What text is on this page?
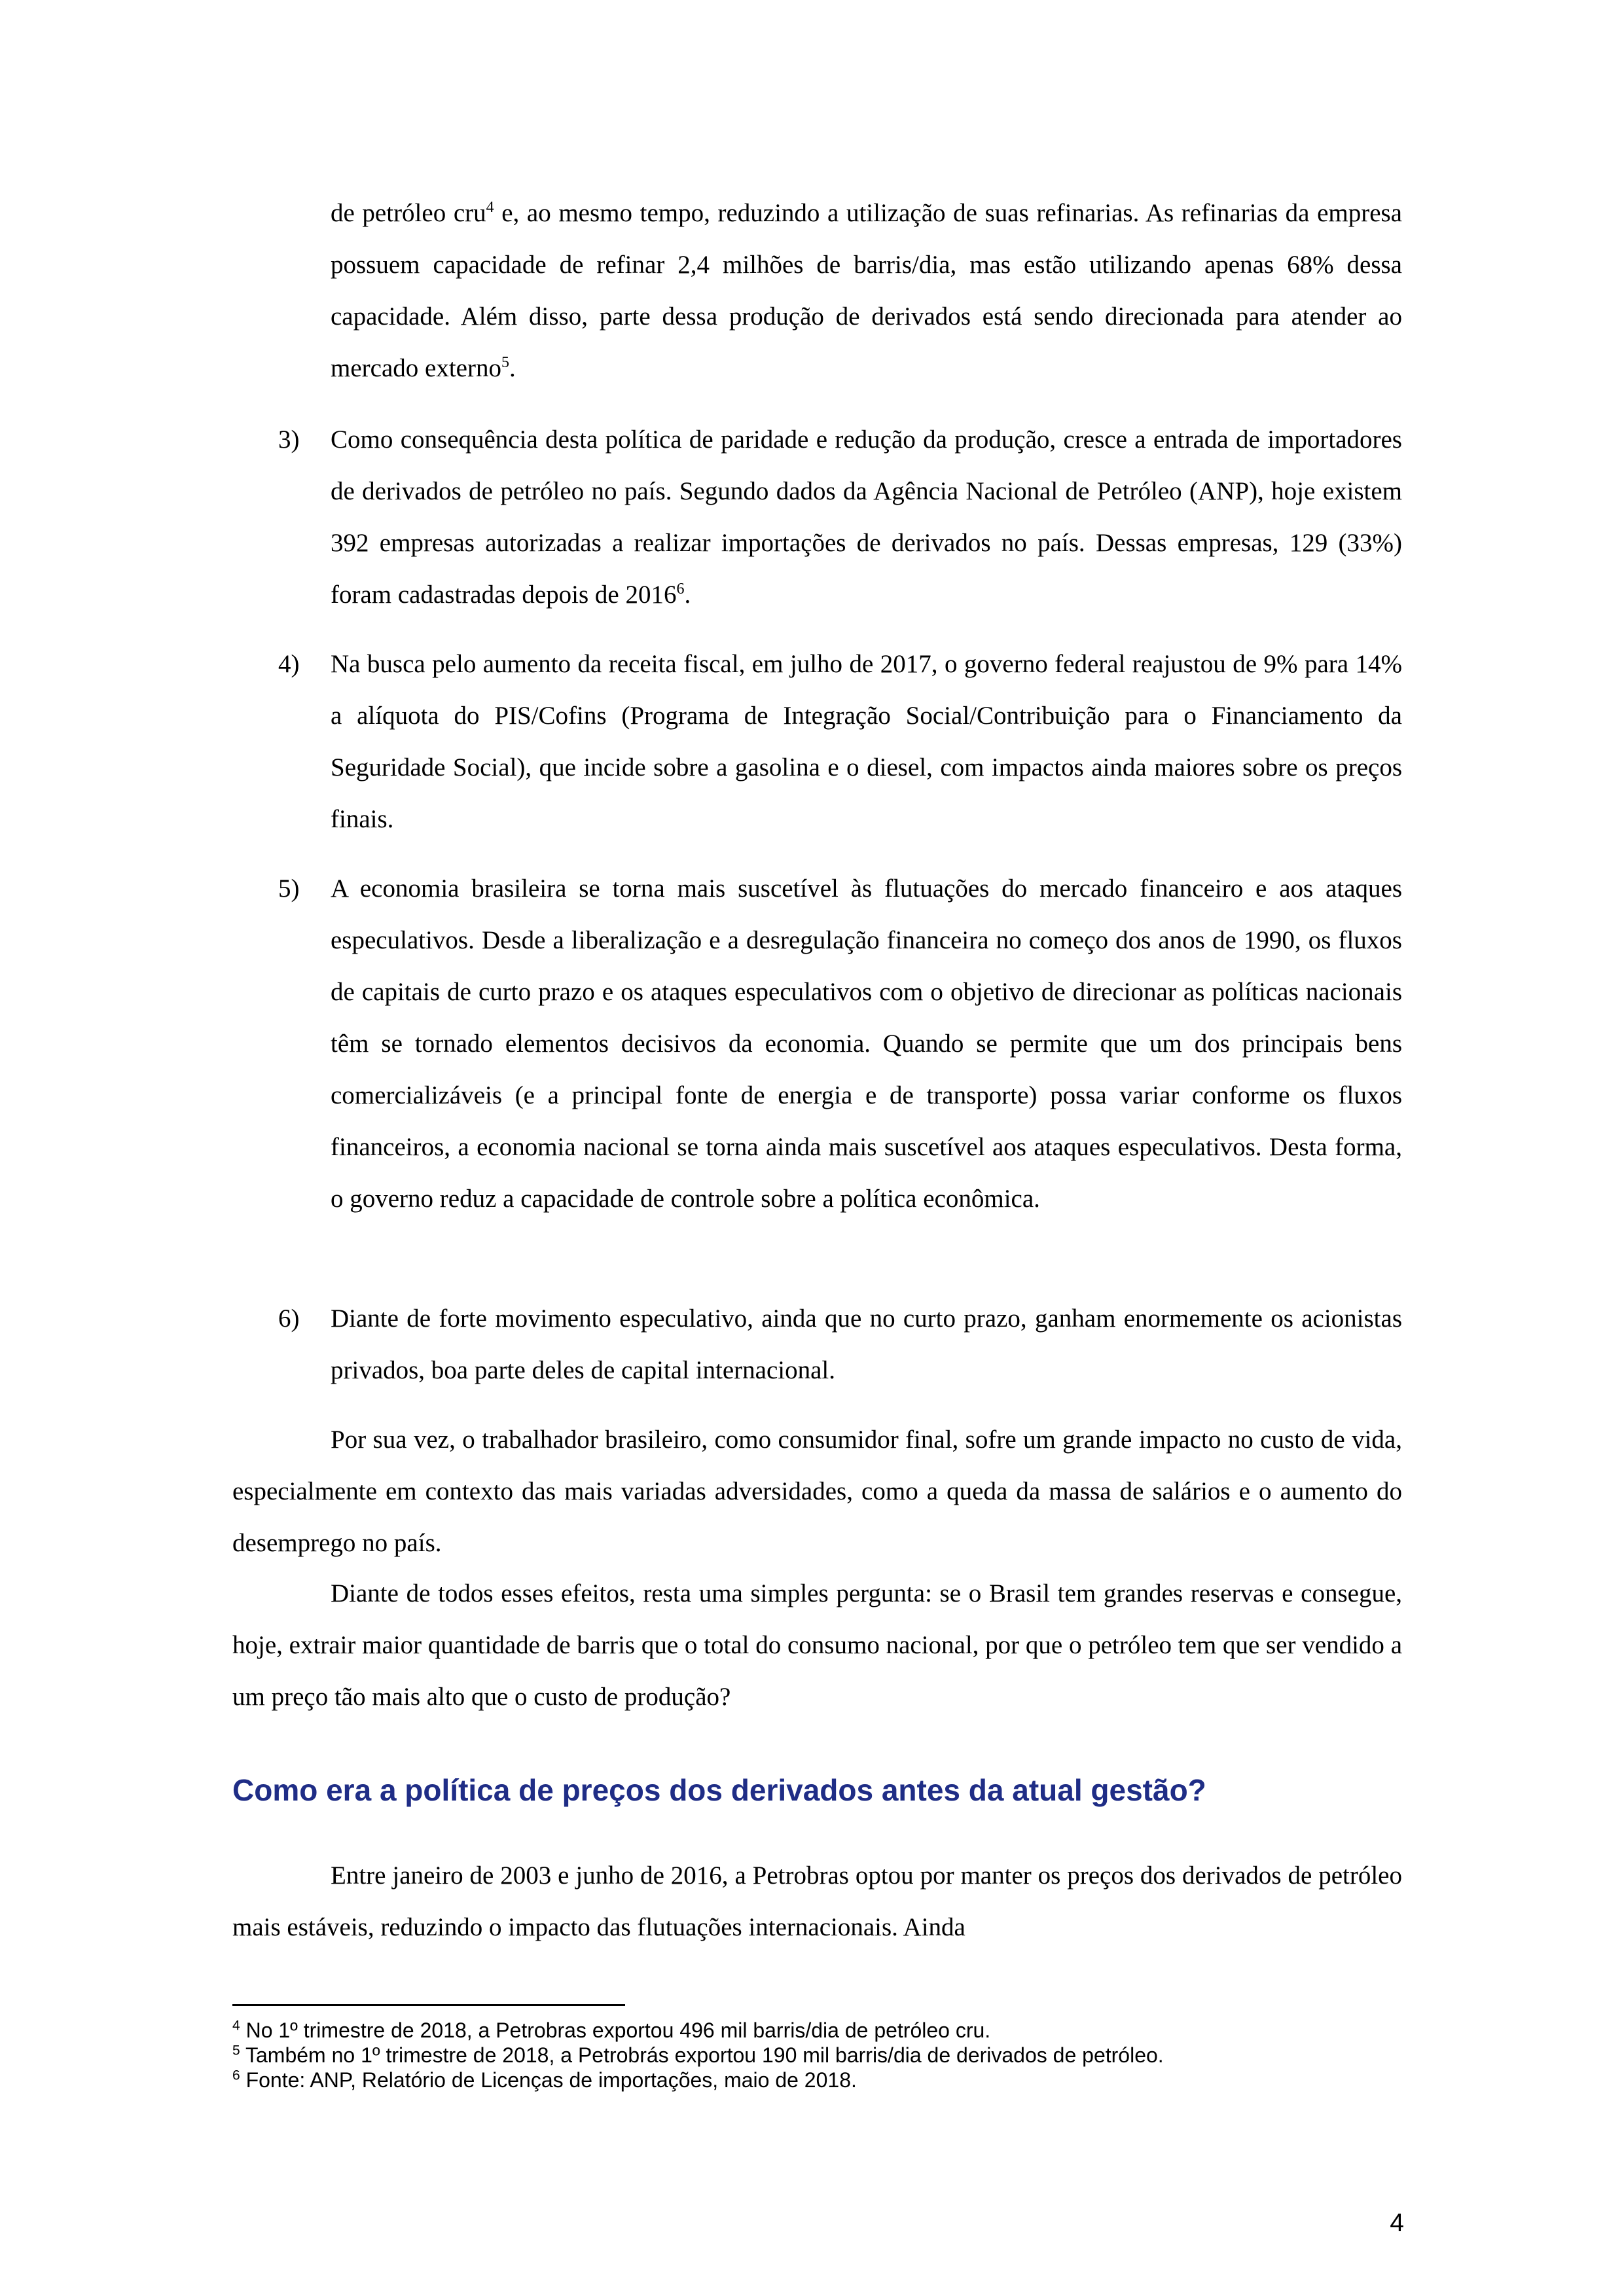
de petróleo cru$^4$ e, ao mesmo tempo, reduzindo a utilização de suas refinarias. As refinarias da empresa possuem capacidade de refinar 2,4 milhões de barris/dia, mas estão utilizando apenas 68% dessa capacidade. Além disso, parte dessa produção de derivados está sendo direcionada para atender ao mercado externo$^5$.
3)	Como consequência desta política de paridade e redução da produção, cresce a entrada de importadores de derivados de petróleo no país. Segundo dados da Agência Nacional de Petróleo (ANP), hoje existem 392 empresas autorizadas a realizar importações de derivados no país. Dessas empresas, 129 (33%) foram cadastradas depois de 2016$^6$.
4)	Na busca pelo aumento da receita fiscal, em julho de 2017, o governo federal reajustou de 9% para 14% a alíquota do PIS/Cofins (Programa de Integração Social/Contribuição para o Financiamento da Seguridade Social), que incide sobre a gasolina e o diesel, com impactos ainda maiores sobre os preços finais.
5)	A economia brasileira se torna mais suscetível às flutuações do mercado financeiro e aos ataques especulativos. Desde a liberalização e a desregulação financeira no começo dos anos de 1990, os fluxos de capitais de curto prazo e os ataques especulativos com o objetivo de direcionar as políticas nacionais têm se tornado elementos decisivos da economia. Quando se permite que um dos principais bens comercializáveis (e a principal fonte de energia e de transporte) possa variar conforme os fluxos financeiros, a economia nacional se torna ainda mais suscetível aos ataques especulativos. Desta forma, o governo reduz a capacidade de controle sobre a política econômica.
6)	Diante de forte movimento especulativo, ainda que no curto prazo, ganham enormemente os acionistas privados, boa parte deles de capital internacional.
Por sua vez, o trabalhador brasileiro, como consumidor final, sofre um grande impacto no custo de vida, especialmente em contexto das mais variadas adversidades, como a queda da massa de salários e o aumento do desemprego no país.
Diante de todos esses efeitos, resta uma simples pergunta: se o Brasil tem grandes reservas e consegue, hoje, extrair maior quantidade de barris que o total do consumo nacional, por que o petróleo tem que ser vendido a um preço tão mais alto que o custo de produção?
Como era a política de preços dos derivados antes da atual gestão?
Entre janeiro de 2003 e junho de 2016, a Petrobras optou por manter os preços dos derivados de petróleo mais estáveis, reduzindo o impacto das flutuações internacionais. Ainda
$^4$ No 1º trimestre de 2018, a Petrobras exportou 496 mil barris/dia de petróleo cru.
$^5$ Também no 1º trimestre de 2018, a Petrobrás exportou 190 mil barris/dia de derivados de petróleo.
$^6$ Fonte: ANP, Relatório de Licenças de importações, maio de 2018.
4
